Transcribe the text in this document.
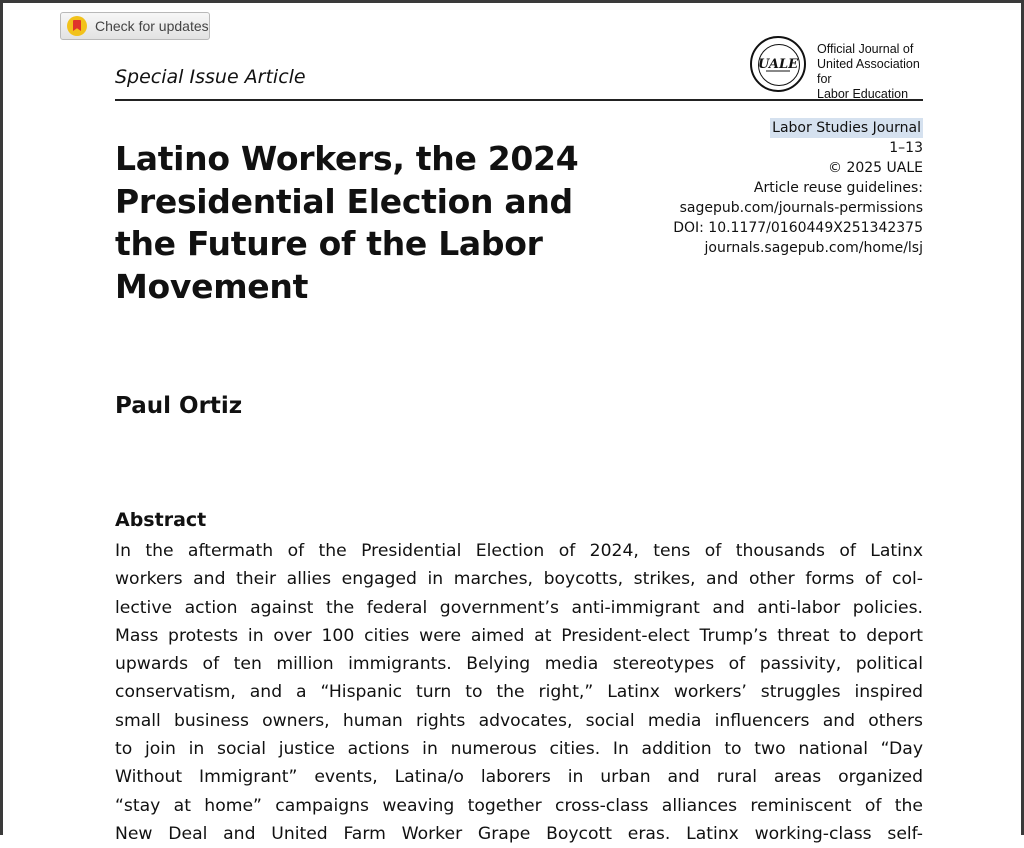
Check for updates
Special Issue Article
UALE
Official Journal of
United Association for
Labor Education
Labor Studies Journal
1–13
© 2025 UALE
Article reuse guidelines:
sagepub.com/journals-permissions
DOI: 10.1177/0160449X251342375
journals.sagepub.com/home/lsj
Latino Workers, the 2024 Presidential Election and the Future of the Labor Movement
Paul Ortiz
Abstract
In the aftermath of the Presidential Election of 2024, tens of thousands of Latinx
workers and their allies engaged in marches, boycotts, strikes, and other forms of col-
lective action against the federal government’s anti-immigrant and anti-labor policies.
Mass protests in over 100 cities were aimed at President-elect Trump’s threat to deport
upwards of ten million immigrants. Belying media stereotypes of passivity, political
conservatism, and a “Hispanic turn to the right,” Latinx workers’ struggles inspired
small business owners, human rights advocates, social media influencers and others
to join in social justice actions in numerous cities. In addition to two national “Day
Without Immigrant” events, Latina/o laborers in urban and rural areas organized
“stay at home” campaigns weaving together cross-class alliances reminiscent of the
New Deal and United Farm Worker Grape Boycott eras. Latinx working-class self-
